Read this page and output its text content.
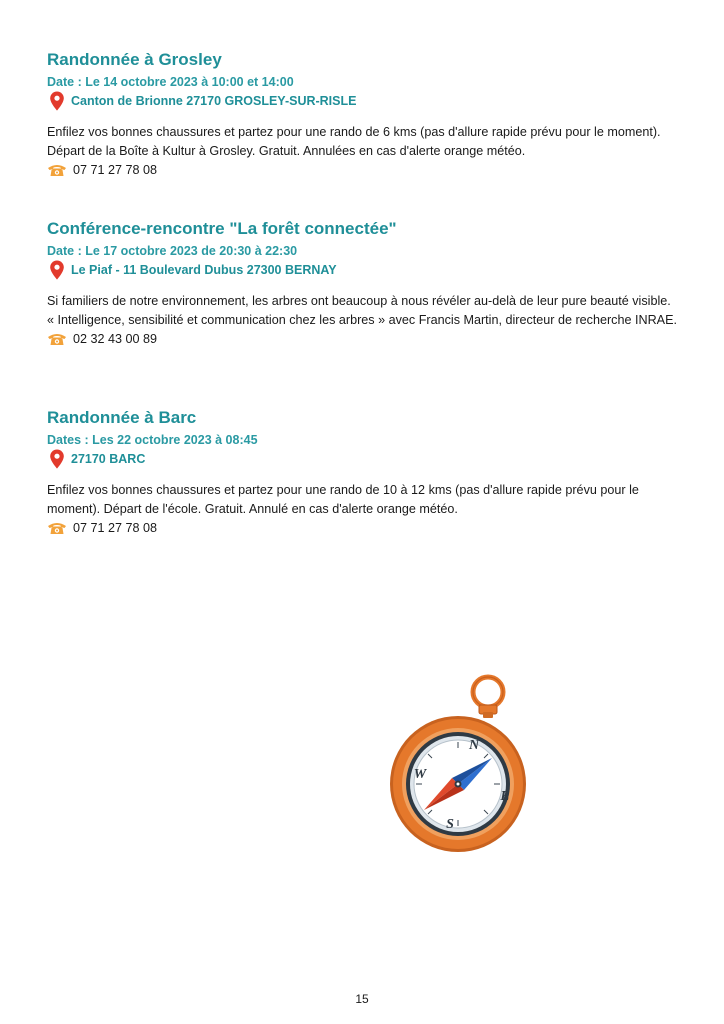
Randonnée à Grosley
Date : Le 14 octobre 2023 à 10:00 et 14:00
Canton de Brionne 27170 GROSLEY-SUR-RISLE
Enfilez vos bonnes chaussures et partez pour une rando de 6 kms (pas d'allure rapide prévu pour le moment). Départ de la Boîte à Kultur à Grosley. Gratuit. Annulées en cas d'alerte orange météo.
07 71 27 78 08
Conférence-rencontre "La forêt connectée"
Date : Le 17 octobre 2023 de 20:30 à 22:30
Le Piaf - 11 Boulevard Dubus 27300 BERNAY
Si familiers de notre environnement, les arbres ont beaucoup à nous révéler au-delà de leur pure beauté visible. « Intelligence, sensibilité et communication chez les arbres » avec Francis Martin, directeur de recherche INRAE.
02 32 43 00 89
Randonnée à Barc
Dates : Les 22 octobre 2023 à 08:45
27170 BARC
Enfilez vos bonnes chaussures et partez pour une rando de 10 à 12 kms (pas d'allure rapide prévu pour le moment). Départ de l'école. Gratuit. Annulé en cas d'alerte orange météo.
07 71 27 78 08
N
S
E
W
15
